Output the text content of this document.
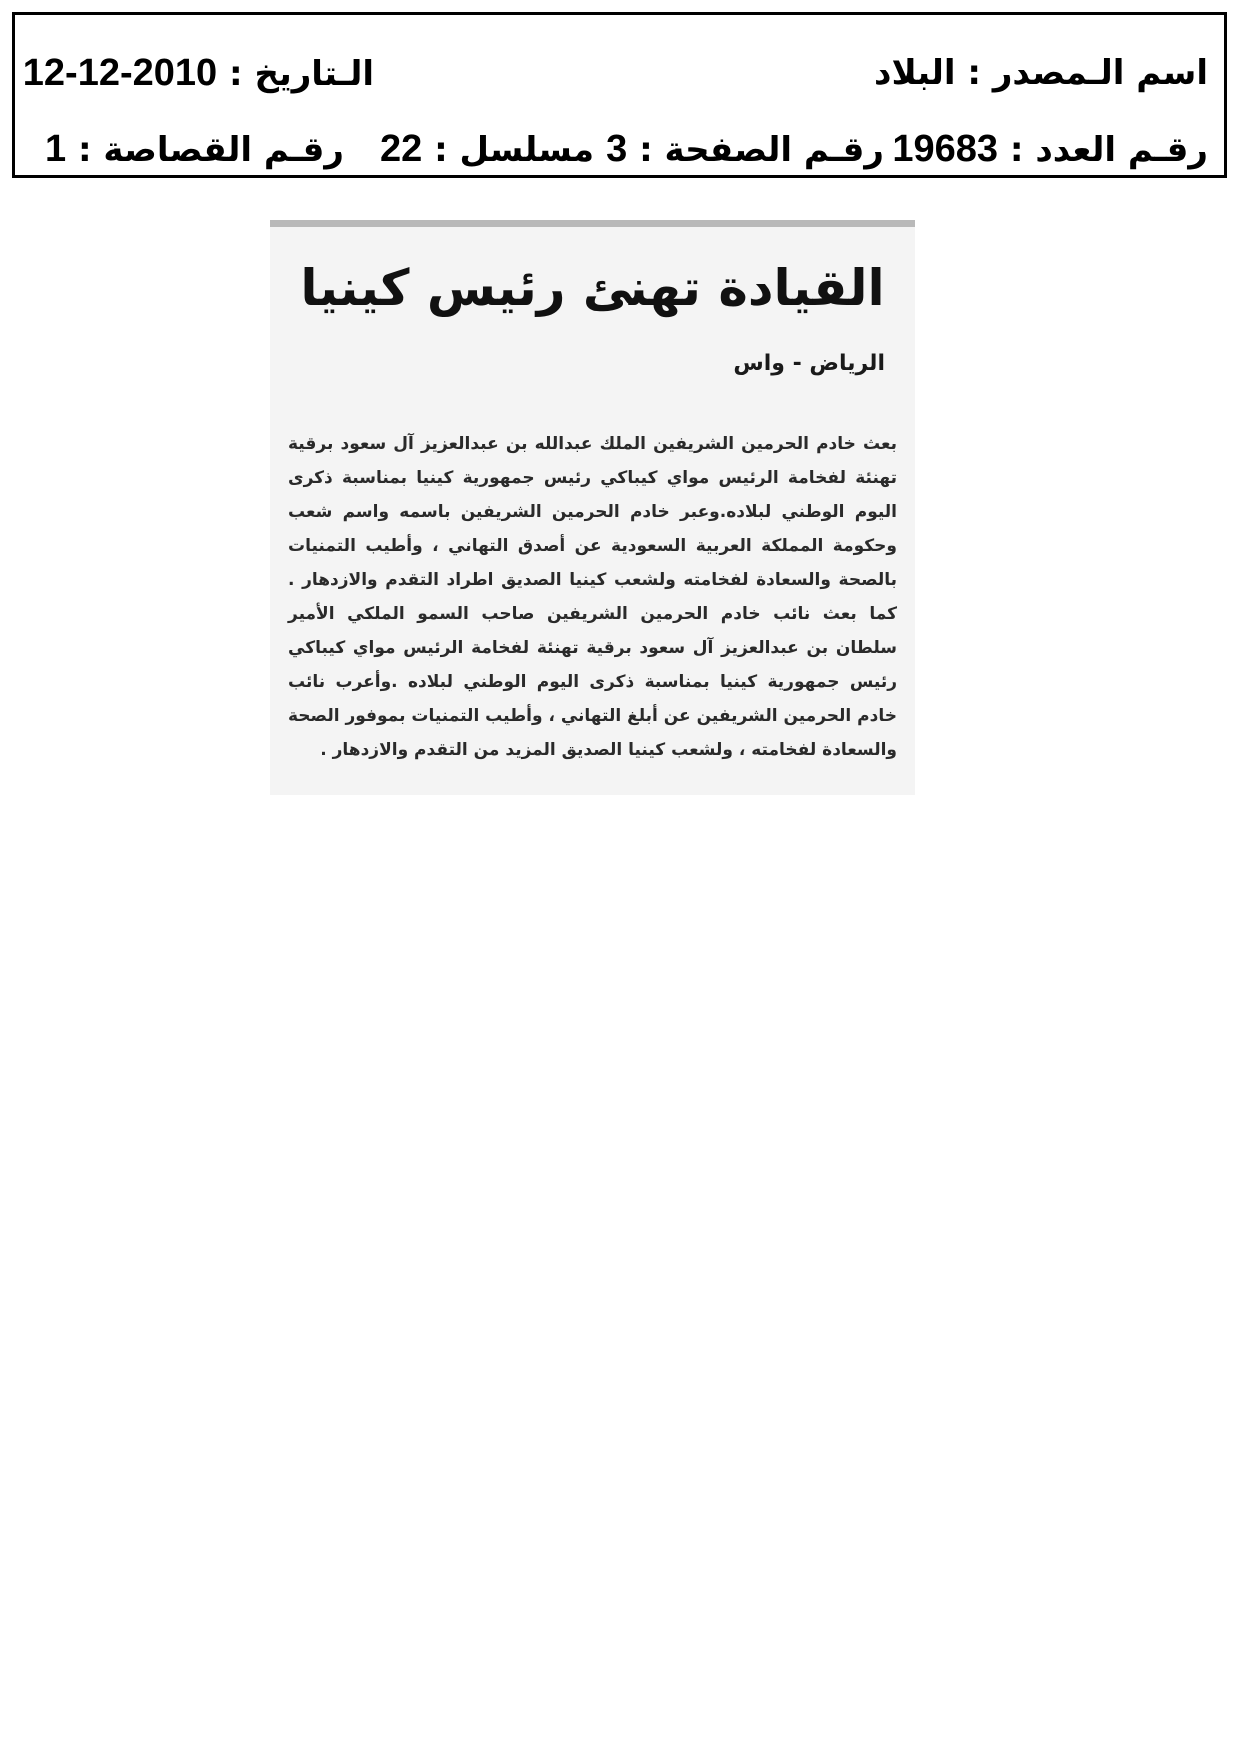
اسم الـمصدر : البلاد
الـتاريخ : 2010-12-12
رقـم العدد : 19683
رقـم الصفحة : 3
مسلسل : 22
رقـم القصاصة : 1
القيادة تهنئ رئيس كينيا
الرياض - واس
بعث خادم الحرمين الشريفين الملك عبدالله بن عبدالعزيز آل سعود برقية تهنئة لفخامة الرئيس مواي كيباكي رئيس جمهورية كينيا بمناسبة ذكرى اليوم الوطني لبلاده.وعبر خادم الحرمين الشريفين باسمه واسم شعب وحكومة المملكة العربية السعودية عن أصدق التهاني ، وأطيب التمنيات بالصحة والسعادة لفخامته ولشعب كينيا الصديق اطراد التقدم والازدهار . كما بعث نائب خادم الحرمين الشريفين صاحب السمو الملكي الأمير سلطان بن عبدالعزيز آل سعود برقية تهنئة لفخامة الرئيس مواي كيباكي رئيس جمهورية كينيا بمناسبة ذكرى اليوم الوطني لبلاده .وأعرب نائب خادم الحرمين الشريفين عن أبلغ التهاني ، وأطيب التمنيات بموفور الصحة والسعادة لفخامته ، ولشعب كينيا الصديق المزيد من التقدم والازدهار .
